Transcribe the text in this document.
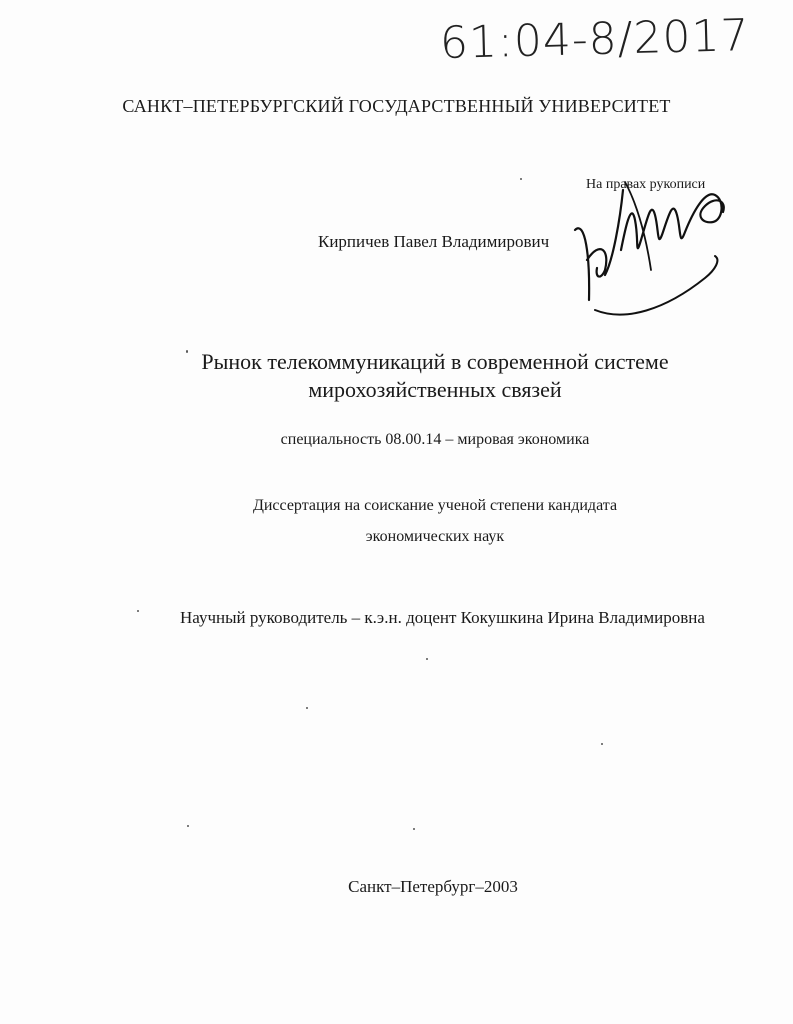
61:04-8/2017
САНКТ–ПЕТЕРБУРГСКИЙ ГОСУДАРСТВЕННЫЙ УНИВЕРСИТЕТ
На правах рукописи
Кирпичев Павел Владимирович
Рынок телекоммуникаций в современной системе
мирохозяйственных связей
специальность 08.00.14 – мировая экономика
Диссертация на соискание ученой степени кандидата
экономических наук
Научный руководитель – к.э.н. доцент Кокушкина Ирина Владимировна
Санкт–Петербург–2003
